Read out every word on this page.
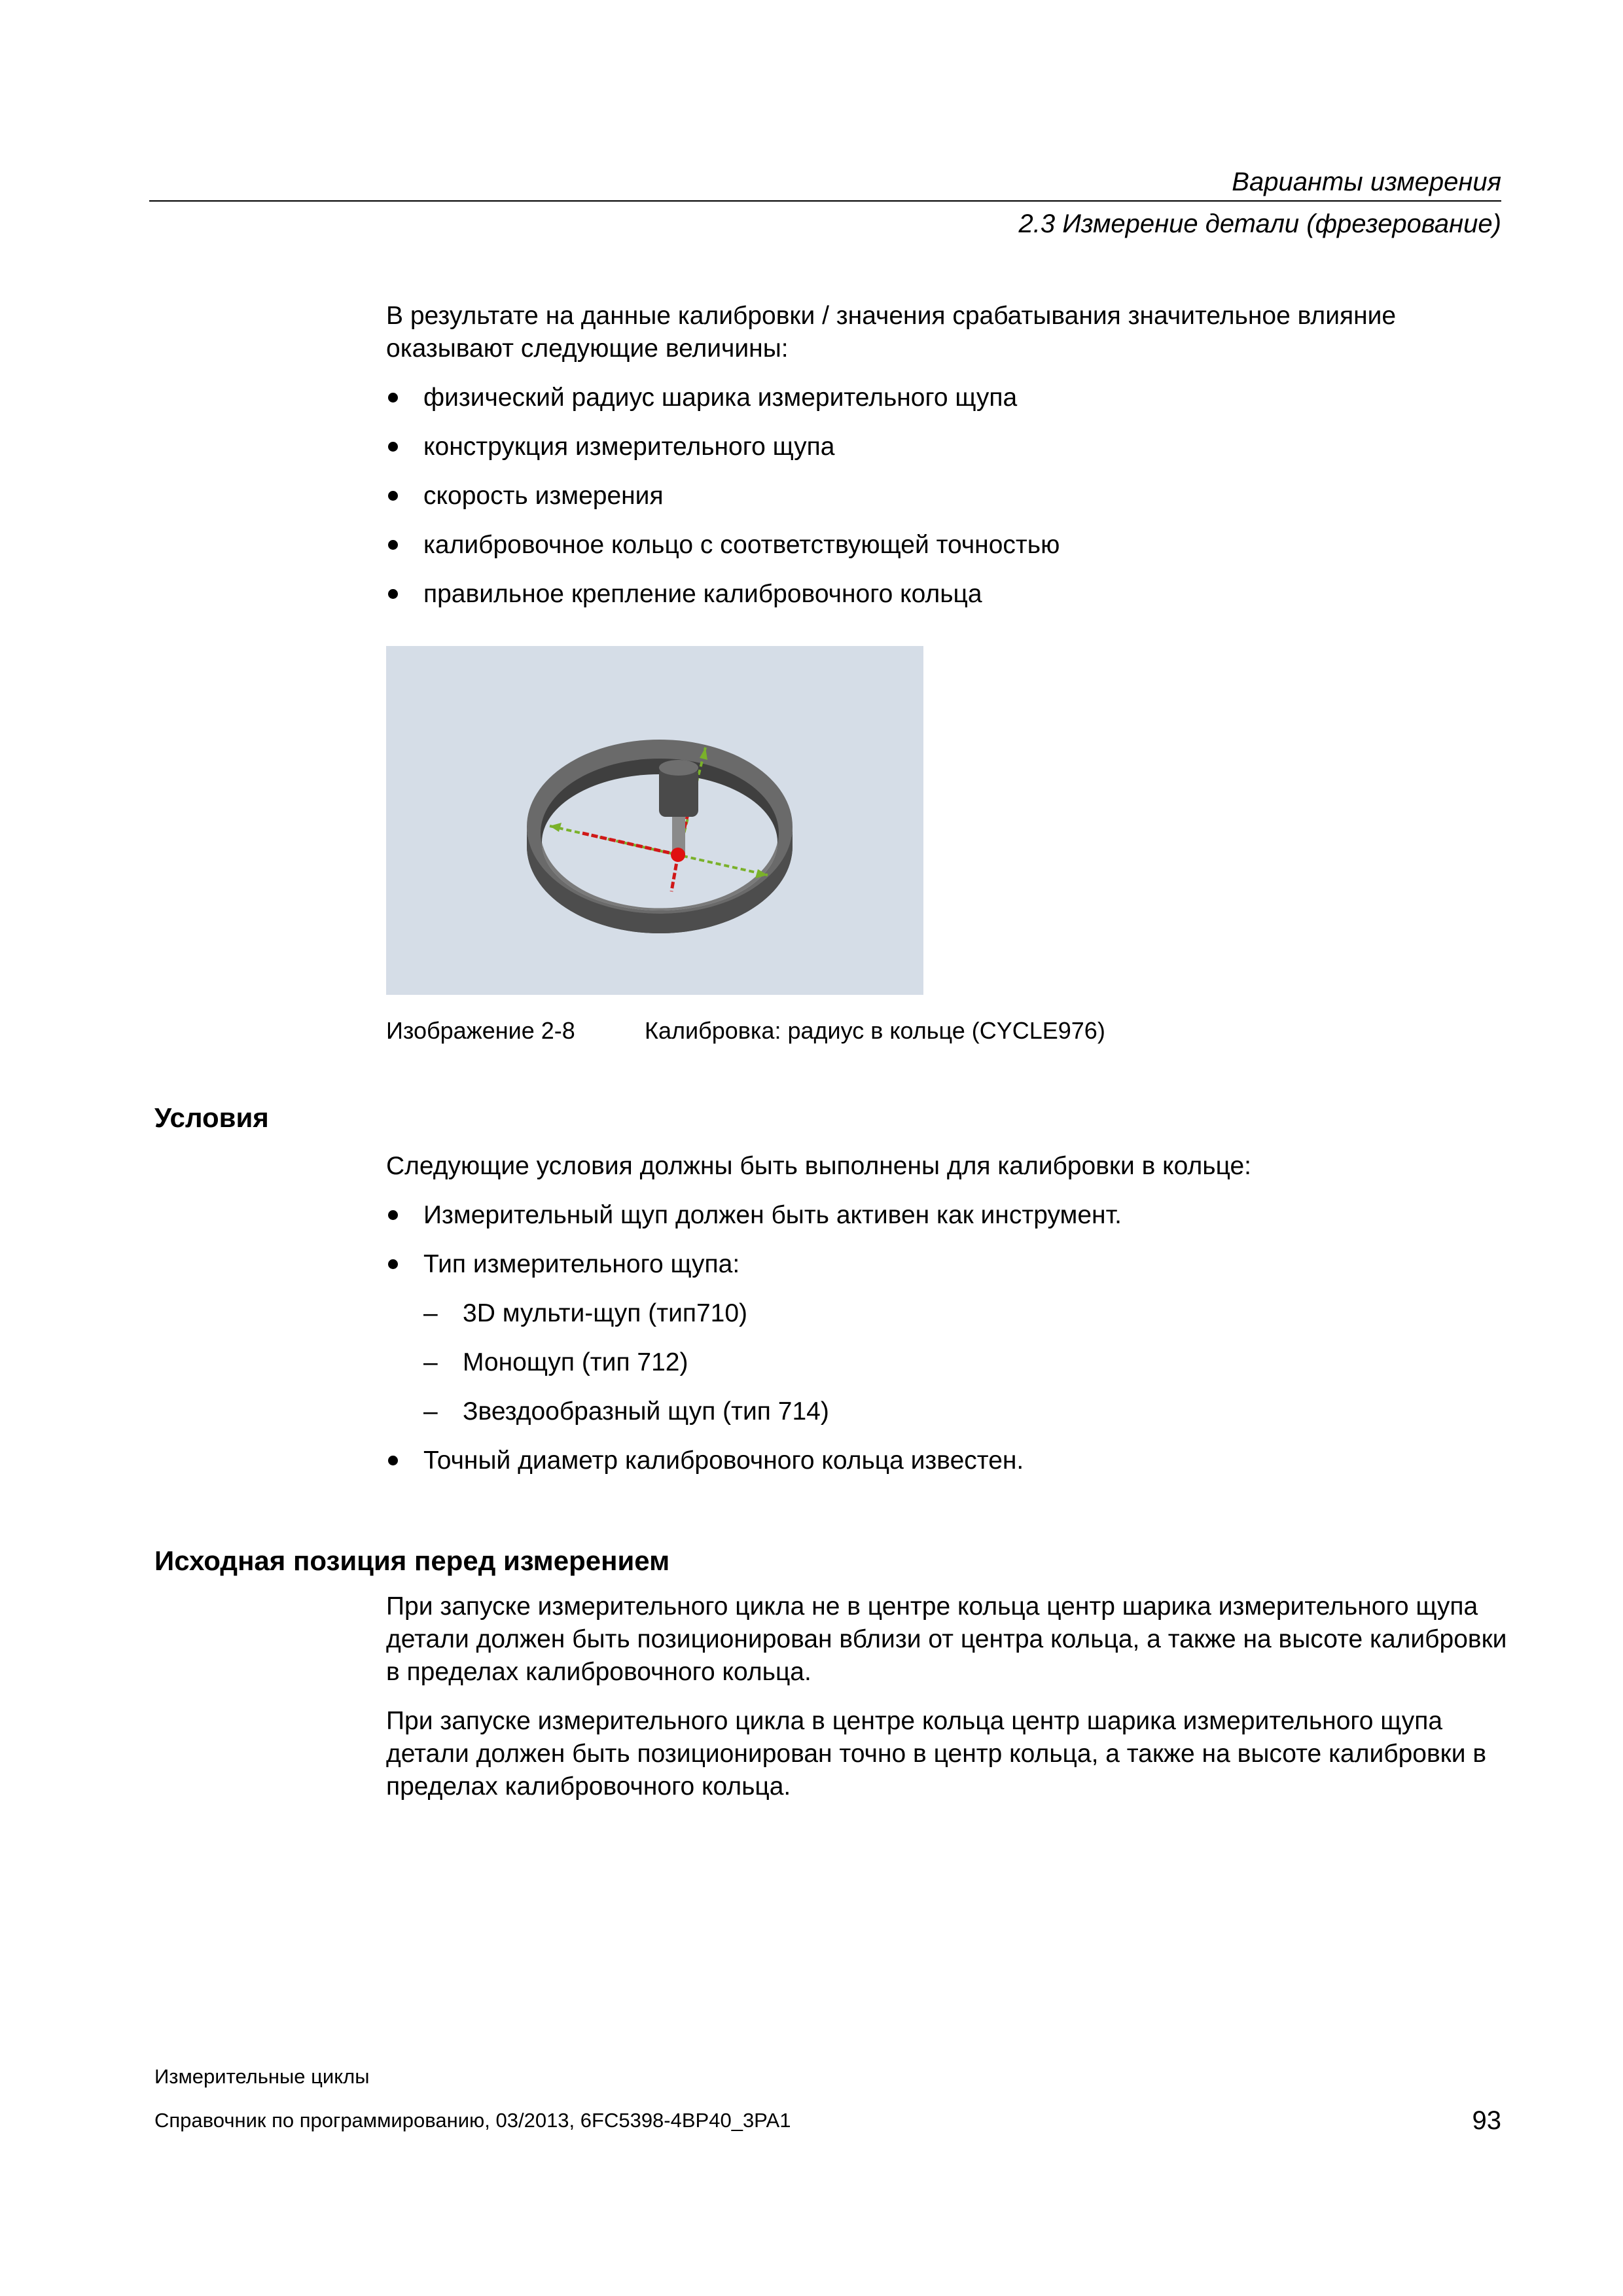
Варианты измерения
2.3 Измерение детали (фрезерование)

В результате на данные калибровки / значения срабатывания значительное влияние оказывают следующие величины:

физический радиус шарика измерительного щупа
конструкция измерительного щупа
скорость измерения
калибровочное кольцо с соответствующей точностью
правильное крепление калибровочного кольца
Изображение 2-8	Калибровка: радиус в кольце (CYCLE976)
Условия

Следующие условия должны быть выполнены для калибровки в кольце:

Измерительный щуп должен быть активен как инструмент.
Тип измерительного щупа:
– 3D мульти-щуп (тип710)
– Монощуп (тип 712)
– Звездообразный щуп (тип 714)
Точный диаметр калибровочного кольца известен.
Исходная позиция перед измерением

При запуске измерительного цикла не в центре кольца центр шарика измерительного щупа детали должен быть позиционирован вблизи от центра кольца, а также на высоте калибровки в пределах калибровочного кольца.

При запуске измерительного цикла в центре кольца центр шарика измерительного щупа детали должен быть позиционирован точно в центр кольца, а также на высоте калибровки в пределах калибровочного кольца.

Измерительные циклы
Справочник по программированию, 03/2013, 6FC5398-4BP40_3PA1	93
